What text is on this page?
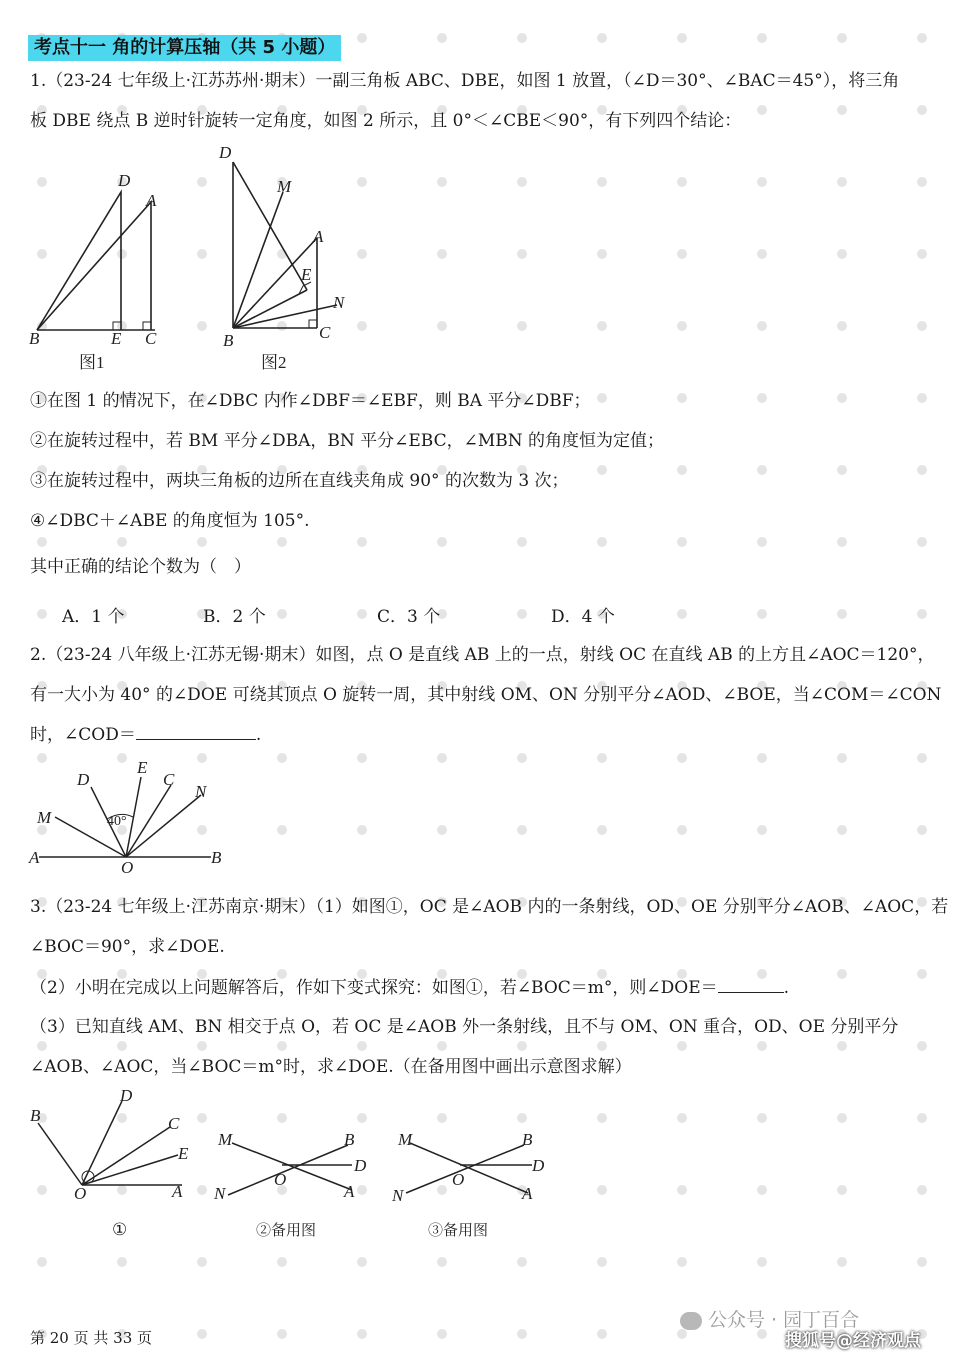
考点十一 角的计算压轴（共 5 小题）
1.（23-24 七年级上·江苏苏州·期末）一副三角板 ABC、DBE，如图 1 放置，（∠D＝30°、∠BAC＝45°），将三角
板 DBE 绕点 B 逆时针旋转一定角度，如图 2 所示，且 0°＜∠CBE＜90°，有下列四个结论：
D
A
B	E C
图1
D
M
A
E
N
B	C
图2
①在图 1 的情况下，在∠DBC 内作∠DBF＝∠EBF，则 BA 平分∠DBF；
②在旋转过程中，若 BM 平分∠DBA，BN 平分∠EBC，∠MBN 的角度恒为定值；
③在旋转过程中，两块三角板的边所在直线夹角成 90° 的次数为 3 次；
④∠DBC＋∠ABE 的角度恒为 105°.
其中正确的结论个数为（　）
A．1 个	B．2 个	C．3 个	D．4 个
2.（23-24 八年级上·江苏无锡·期末）如图，点 O 是直线 AB 上的一点，射线 OC 在直线 AB 的上方且∠AOC＝120°，
有一大小为 40° 的∠DOE 可绕其顶点 O 旋转一周，其中射线 OM、ON 分别平分∠AOD、∠BOE，当∠COM＝∠CON
时，∠COD＝	.
D
E
C
N
M
A
O
B
40°
3.（23-24 七年级上·江苏南京·期末）（1）如图①，OC 是∠AOB 内的一条射线，OD、OE 分别平分∠AOB、∠AOC，若
∠BOC＝90°，求∠DOE.
（2）小明在完成以上问题解答后，作如下变式探究：如图①，若∠BOC＝m°，则∠DOE＝	.
（3）已知直线 AM、BN 相交于点 O，若 OC 是∠AOB 外一条射线，且不与 OM、ON 重合，OD、OE 分别平分
∠AOB、∠AOC，当∠BOC＝m°时，求∠DOE.（在备用图中画出示意图求解）
B
D
C
E
O	A
M	B
D
O
N	A
M	B
D
O
N	A
①	②备用图	③备用图
第 20 页 共 33 页
公众号 · 园丁百合
搜狐号@经济观点
